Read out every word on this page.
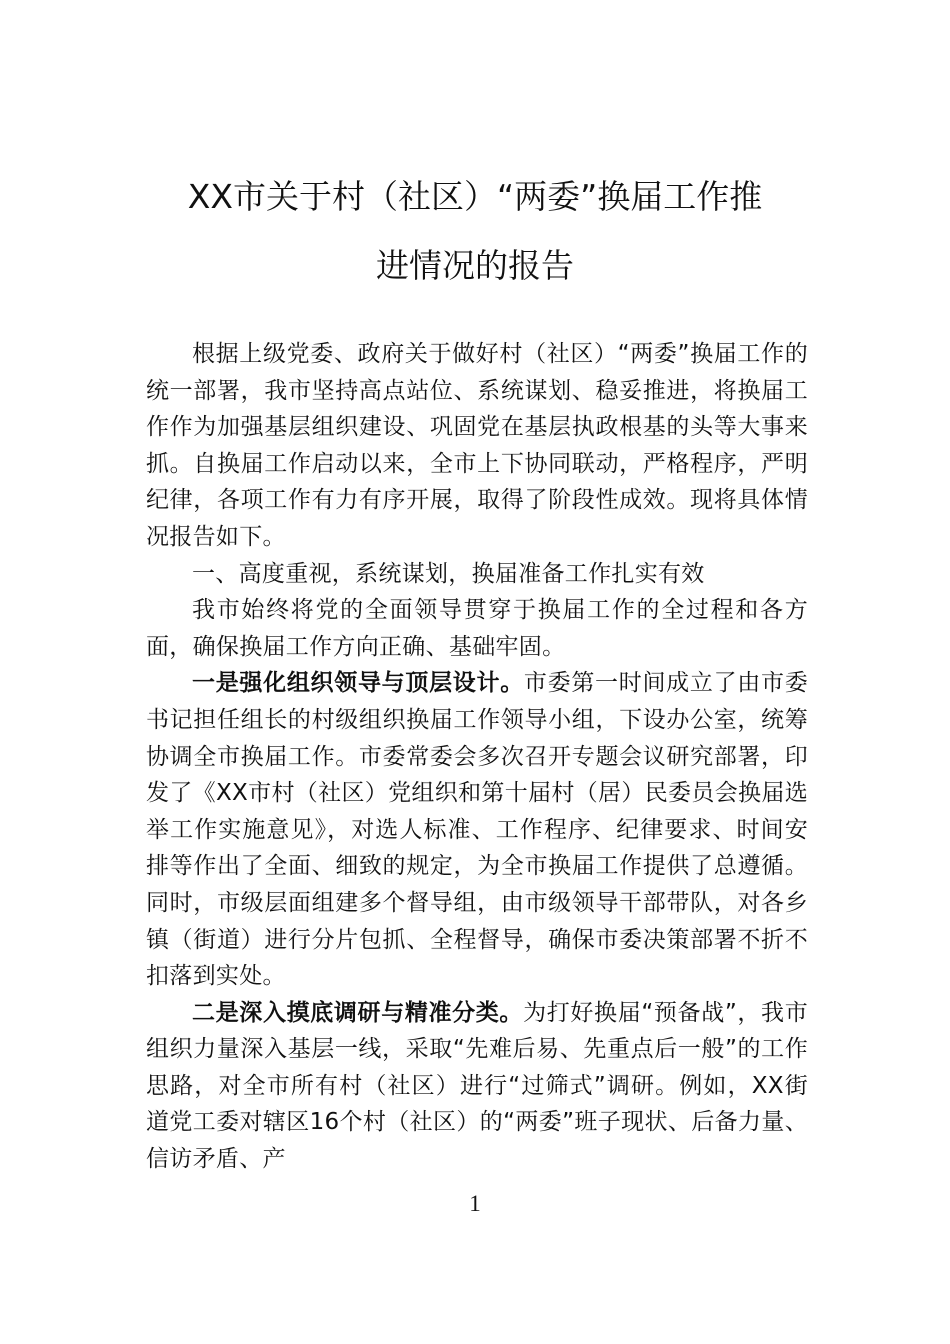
XX市关于村（社区）“两委”换届工作推
进情况的报告

根据上级党委、政府关于做好村（社区）“两委”换届工作的统一部署，我市坚持高点站位、系统谋划、稳妥推进，将换届工作作为加强基层组织建设、巩固党在基层执政根基的头等大事来抓。自换届工作启动以来，全市上下协同联动，严格程序，严明纪律，各项工作有力有序开展，取得了阶段性成效。现将具体情况报告如下。

一、高度重视，系统谋划，换届准备工作扎实有效

我市始终将党的全面领导贯穿于换届工作的全过程和各方面，确保换届工作方向正确、基础牢固。

一是强化组织领导与顶层设计。市委第一时间成立了由市委书记担任组长的村级组织换届工作领导小组，下设办公室，统筹协调全市换届工作。市委常委会多次召开专题会议研究部署，印发了《XX市村（社区）党组织和第十届村（居）民委员会换届选举工作实施意见》，对选人标准、工作程序、纪律要求、时间安排等作出了全面、细致的规定，为全市换届工作提供了总遵循。同时，市级层面组建多个督导组，由市级领导干部带队，对各乡镇（街道）进行分片包抓、全程督导，确保市委决策部署不折不扣落到实处。

二是深入摸底调研与精准分类。为打好换届“预备战”，我市组织力量深入基层一线，采取“先难后易、先重点后一般”的工作思路，对全市所有村（社区）进行“过筛式”调研。例如，XX街道党工委对辖区16个村（社区）的“两委”班子现状、后备力量、信访矛盾、产

1
